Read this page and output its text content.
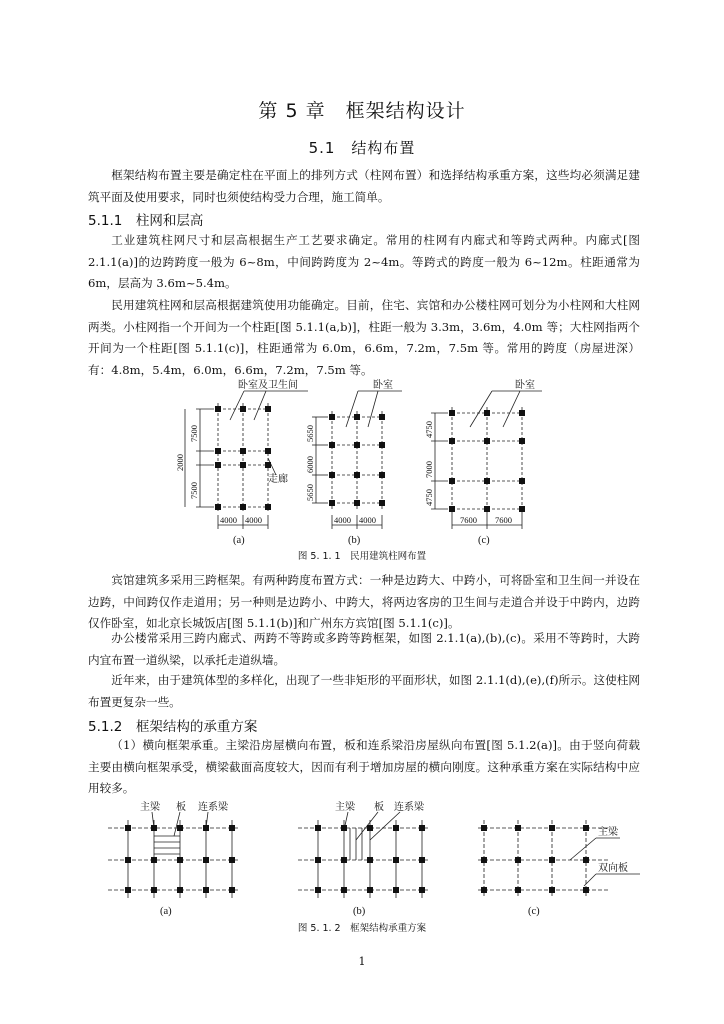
第 5 章　框架结构设计
5.1　结构布置

框架结构布置主要是确定柱在平面上的排列方式（柱网布置）和选择结构承重方案，这些均必须满足建筑平面及使用要求，同时也须使结构受力合理，施工简单。

5.1.1　柱网和层高

工业建筑柱网尺寸和层高根据生产工艺要求确定。常用的柱网有内廊式和等跨式两种。内廊式[图 2.1.1(a)]的边跨跨度一般为 6~8m，中间跨跨度为 2~4m。等跨式的跨度一般为 6~12m。柱距通常为 6m，层高为 3.6m~5.4m。

民用建筑柱网和层高根据建筑使用功能确定。目前，住宅、宾馆和办公楼柱网可划分为小柱网和大柱网两类。小柱网指一个开间为一个柱距[图 5.1.1(a,b)]，柱距一般为 3.3m，3.6m，4.0m 等；大柱网指两个开间为一个柱距[图 5.1.1(c)]，柱距通常为 6.0m，6.6m，7.2m，7.5m 等。常用的跨度（房屋进深）有：4.8m，5.4m，6.0m，6.6m，7.2m，7.5m 等。

卧室及卫生间
走廊
卧室	卧室
7500
2000
7500
4000 4000
5650
6000
5650
4000 4000
4750
7000
4750
7600 7600
(a)	(b)	(c)
图 5. 1. 1　民用建筑柱网布置

宾馆建筑多采用三跨框架。有两种跨度布置方式：一种是边跨大、中跨小，可将卧室和卫生间一并设在边跨，中间跨仅作走道用；另一种则是边跨小、中跨大，将两边客房的卫生间与走道合并设于中跨内，边跨仅作卧室，如北京长城饭店[图 5.1.1(b)]和广州东方宾馆[图 5.1.1(c)]。

办公楼常采用三跨内廊式、两跨不等跨或多跨等跨框架，如图 2.1.1(a),(b),(c)。采用不等跨时，大跨内宜布置一道纵梁，以承托走道纵墙。

近年来，由于建筑体型的多样化，出现了一些非矩形的平面形状，如图 2.1.1(d),(e),(f)所示。这使柱网布置更复杂一些。

5.1.2　框架结构的承重方案

（1）横向框架承重。主梁沿房屋横向布置，板和连系梁沿房屋纵向布置[图 5.1.2(a)]。由于竖向荷载主要由横向框架承受，横梁截面高度较大，因而有利于增加房屋的横向刚度。这种承重方案在实际结构中应用较多。

主梁 板 连系梁	主梁 板 连系梁
主梁
双向板
(a)	(b)	(c)
图 5. 1. 2　框架结构承重方案
1
